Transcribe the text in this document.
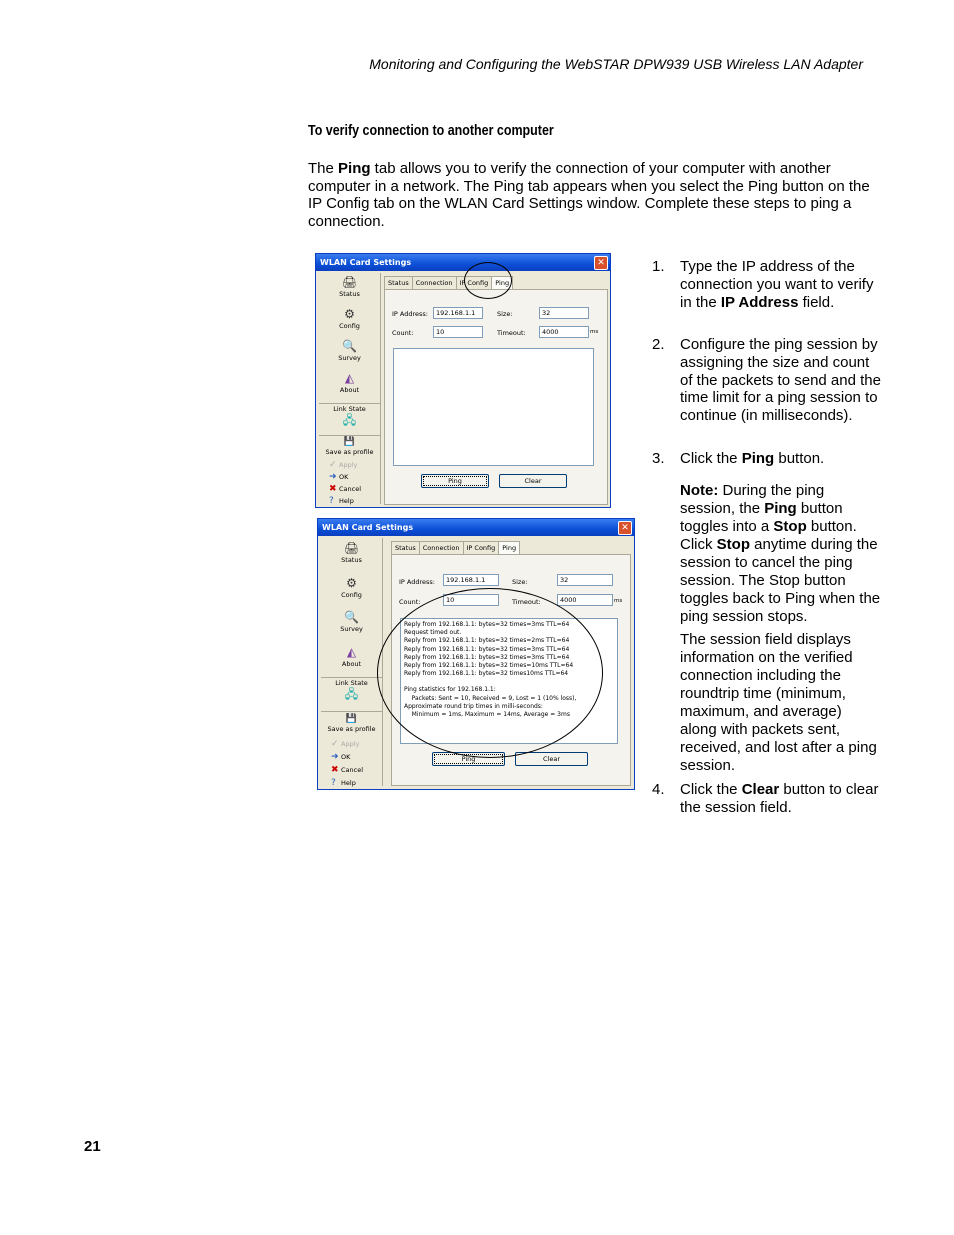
Monitoring and Configuring the WebSTAR DPW939 USB Wireless LAN Adapter
To verify connection to another computer

The Ping tab allows you to verify the connection of your computer with another computer in a network. The Ping tab appears when you select the Ping button on the IP Config tab on the WLAN Card Settings window. Complete these steps to ping a connection.

1. Type the IP address of the connection you want to verify in the IP Address field.
2. Configure the ping session by assigning the size and count of the packets to send and the time limit for a ping session to continue (in milliseconds).
3. Click the Ping button.
Note: During the ping session, the Ping button toggles into a Stop button. Click Stop anytime during the session to cancel the ping session. The Stop button toggles back to Ping when the ping session stops.
The session field displays information on the verified connection including the roundtrip time (minimum, maximum, and average) along with packets sent, received, and lost after a ping session.
4. Click the Clear button to clear the session field.
WLAN Card Settings	✕
🖨
Status
⚙
Config
🔍
Survey
◭
About
Link State
🖧
💾
Save as profile
✓ Apply
➜ OK
✖ Cancel
? Help
Status	Connection	IP Config	Ping
IP Address:	192.168.1.1	Size:	32
Count:	10	Timeout:	4000	ms
Ping	Clear
WLAN Card Settings	✕
🖨
Status
⚙
Config
🔍
Survey
◭
About
Link State
🖧
💾
Save as profile
✓ Apply
➜ OK
✖ Cancel
? Help
Status	Connection	IP Config	Ping
IP Address:	192.168.1.1	Size:	32
Count:	10	Timeout:	4000	ms
Reply from 192.168.1.1: bytes=32 times=3ms TTL=64
Request timed out.
Reply from 192.168.1.1: bytes=32 times=2ms TTL=64
Reply from 192.168.1.1: bytes=32 times=3ms TTL=64
Reply from 192.168.1.1: bytes=32 times=3ms TTL=64
Reply from 192.168.1.1: bytes=32 times=10ms TTL=64
Reply from 192.168.1.1: bytes=32 times10ms TTL=64
Ping statistics for 192.168.1.1:
Packets: Sent = 10, Received = 9, Lost = 1 (10% loss),
Approximate round trip times in milli-seconds:
Minimum = 1ms, Maximum = 14ms, Average = 3ms
Ping	Clear
21
